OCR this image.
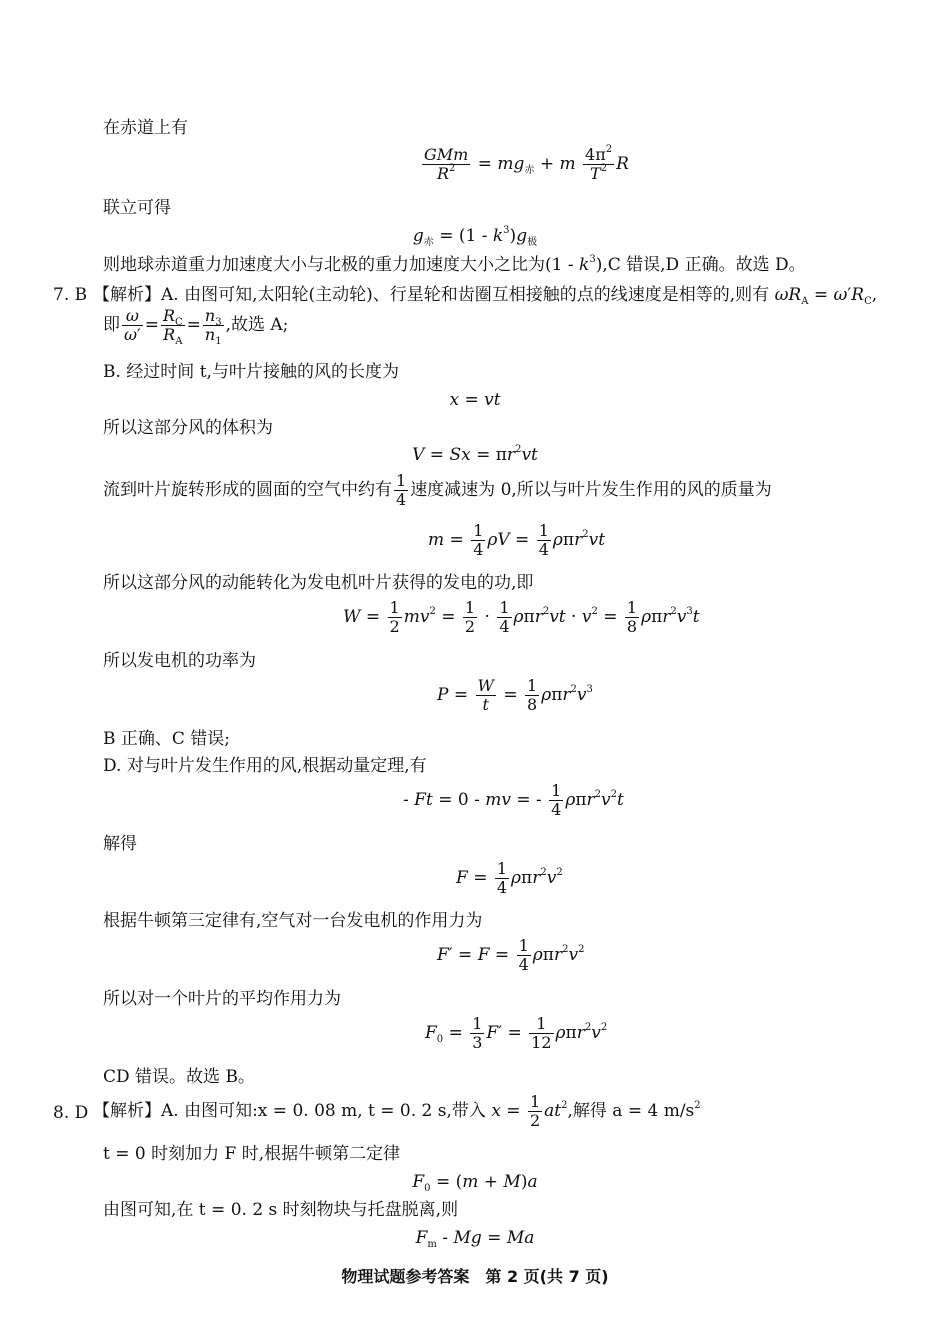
在赤道上有
$\frac{\text{GMm}}{R^2} = mg_赤 + m \frac{4\pi^2}{T^2}$ R
联立可得
$g_赤 = (1 - k^3)g_极$
则地球赤道重力加速度大小与北极的重力加速度大小之比为$(1 - k^3),C$ 错误,D 正确。故选 D。
7. B 【解析】A. 由图可知,太阳轮(主动轮)、行星轮和齿圈互相接触的点的线速度是相等的,则有 $\omega R_A = \omega'R_C$,
即 $\frac{\omega}{\omega'} = \frac{R_C}{R_A} = \frac{n_3}{n_1}$ ,故选 A;
B. 经过时间 t,与叶片接触的风的长度为
x = vt
所以这部分风的体积为
$V = Sx = \pi r^2vt$
流到叶片旋转形成的圆面的空气中约有 $\frac{1}{4}$ 速度减速为 0,所以与叶片发生作用的风的质量为
$m = \frac{1}{4}$ $\rho V = \frac{1}{4} \rho\pi r^2vt$
所以这部分风的动能转化为发电机叶片获得的发电的功,即
$W = \frac{1}{2} mv^2 = \frac{1}{2} \cdot \frac{1}{4} \rho\pi r^2vt \cdot v^2 = \frac{1}{8} \rho\pi r^2v^3t$
所以发电机的功率为
$P = \frac{W}{t} = \frac{1}{8} \rho\pi r^2v^3$
B 正确、C 错误;
D. 对与叶片发生作用的风,根据动量定理,有
- Ft = 0 - mv = - $\frac{1}{4} \rho\pi r^2v^2t$
解得
$F = \frac{1}{4} \rho\pi r^2v^2$
根据牛顿第三定律有,空气对一台发电机的作用力为
$F' = F = \frac{1}{4} \rho\pi r^2v^2$
所以对一个叶片的平均作用力为
$F_0 = \frac{1}{3} F' = \frac{1}{12} \rho\pi r^2v^2$
CD 错误。故选 B。
8. D 【解析】A. 由图可知:x = 0. 08 m, t = 0. 2 s,带入 $x = \frac{1}{2} at^2$,解得 a = 4 $m/s^2$
t = 0 时刻加力 F 时,根据牛顿第二定律
$F_0 = (m + M)a$
由图可知,在 t = 0. 2 s 时刻物块与托盘脱离,则
$F_m - Mg = Ma$
物理试题参考答案　第 2 页(共 7 页)
